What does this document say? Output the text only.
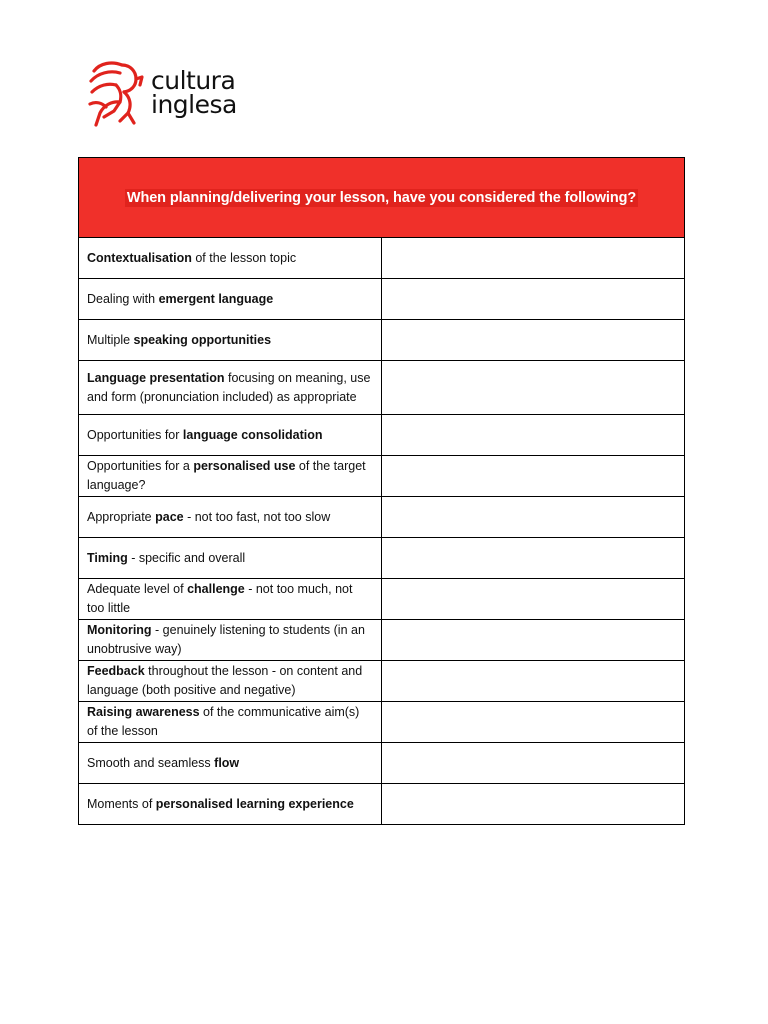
cultura
inglesa
When planning/delivering your lesson, have you considered the following?	
Contextualisation of the lesson topic	
Dealing with emergent language	
Multiple speaking opportunities	
Language presentation focusing on meaning, use and form (pronunciation included) as appropriate	
Opportunities for language consolidation	
Opportunities for a personalised use of the target language?	
Appropriate pace - not too fast, not too slow	
Timing - specific and overall	
Adequate level of challenge - not too much, not too little	
Monitoring - genuinely listening to students (in an unobtrusive way)	
Feedback throughout the lesson - on content and language (both positive and negative)	
Raising awareness of the communicative aim(s) of the lesson	
Smooth and seamless flow	
Moments of personalised learning experience	
